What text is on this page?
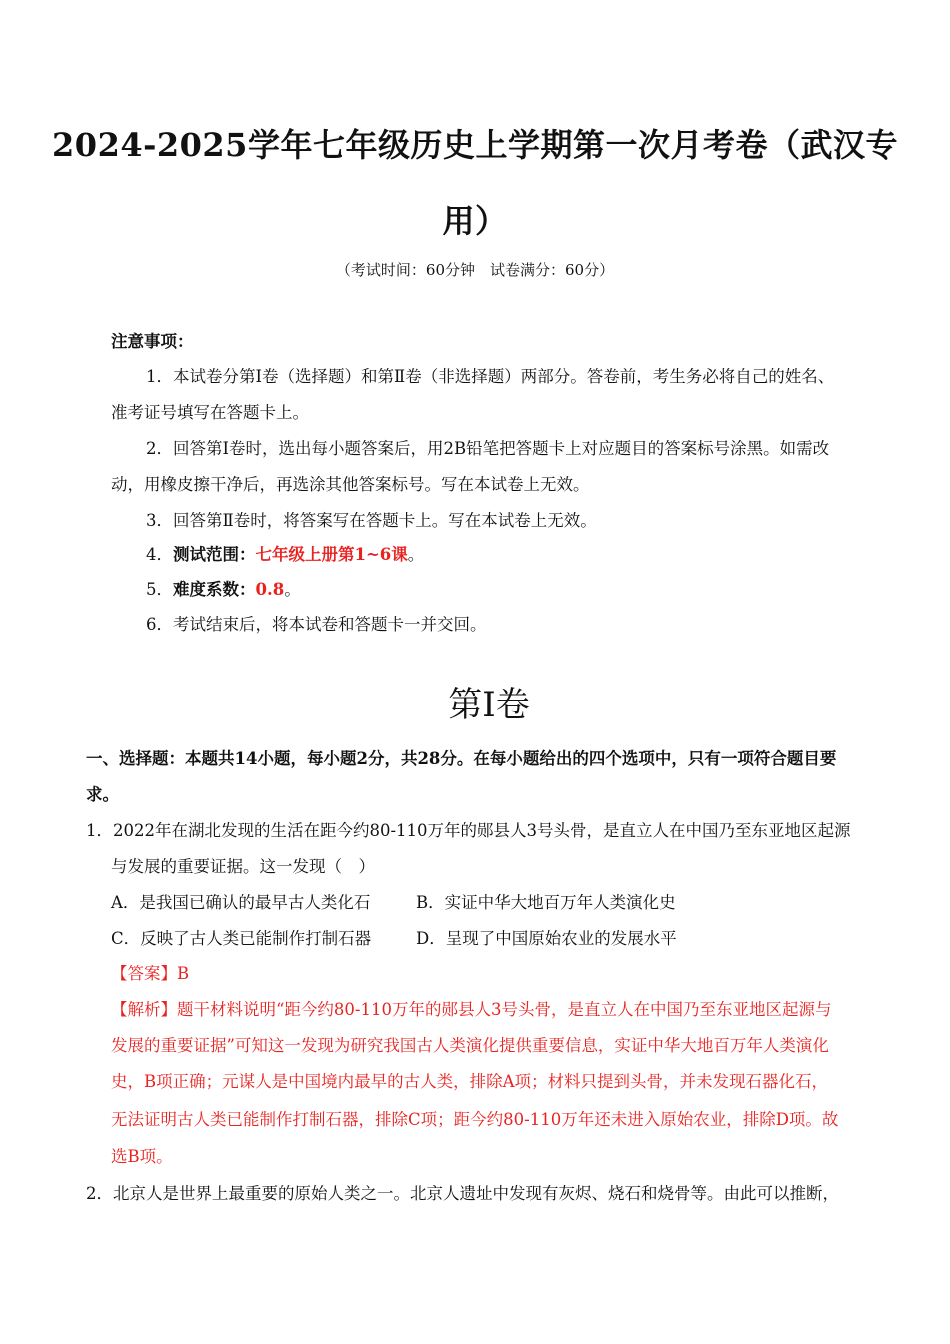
2024-2025学年七年级历史上学期第一次月考卷（武汉专
用）
（考试时间：60分钟　试卷满分：60分）
注意事项：
1．本试卷分第Ⅰ卷（选择题）和第Ⅱ卷（非选择题）两部分。答卷前，考生务必将自己的姓名、
准考证号填写在答题卡上。
2．回答第Ⅰ卷时，选出每小题答案后，用2B铅笔把答题卡上对应题目的答案标号涂黑。如需改
动，用橡皮擦干净后，再选涂其他答案标号。写在本试卷上无效。
3．回答第Ⅱ卷时，将答案写在答题卡上。写在本试卷上无效。
4．测试范围：七年级上册第1~6课。
5．难度系数：0.8。
6．考试结束后，将本试卷和答题卡一并交回。
第Ⅰ卷
一、选择题：本题共14小题，每小题2分，共28分。在每小题给出的四个选项中，只有一项符合题目要
求。
1．2022年在湖北发现的生活在距今约80-110万年的郧县人3号头骨，是直立人在中国乃至东亚地区起源
与发展的重要证据。这一发现（　）
A．是我国已确认的最早古人类化石	B．实证中华大地百万年人类演化史
C．反映了古人类已能制作打制石器	D．呈现了中国原始农业的发展水平
【答案】B
【解析】题干材料说明“距今约80-110万年的郧县人3号头骨，是直立人在中国乃至东亚地区起源与
发展的重要证据”可知这一发现为研究我国古人类演化提供重要信息，实证中华大地百万年人类演化
史，B项正确；元谋人是中国境内最早的古人类，排除A项；材料只提到头骨，并未发现石器化石，
无法证明古人类已能制作打制石器，排除C项；距今约80-110万年还未进入原始农业，排除D项。故
选B项。
2．北京人是世界上最重要的原始人类之一。北京人遗址中发现有灰烬、烧石和烧骨等。由此可以推断，
